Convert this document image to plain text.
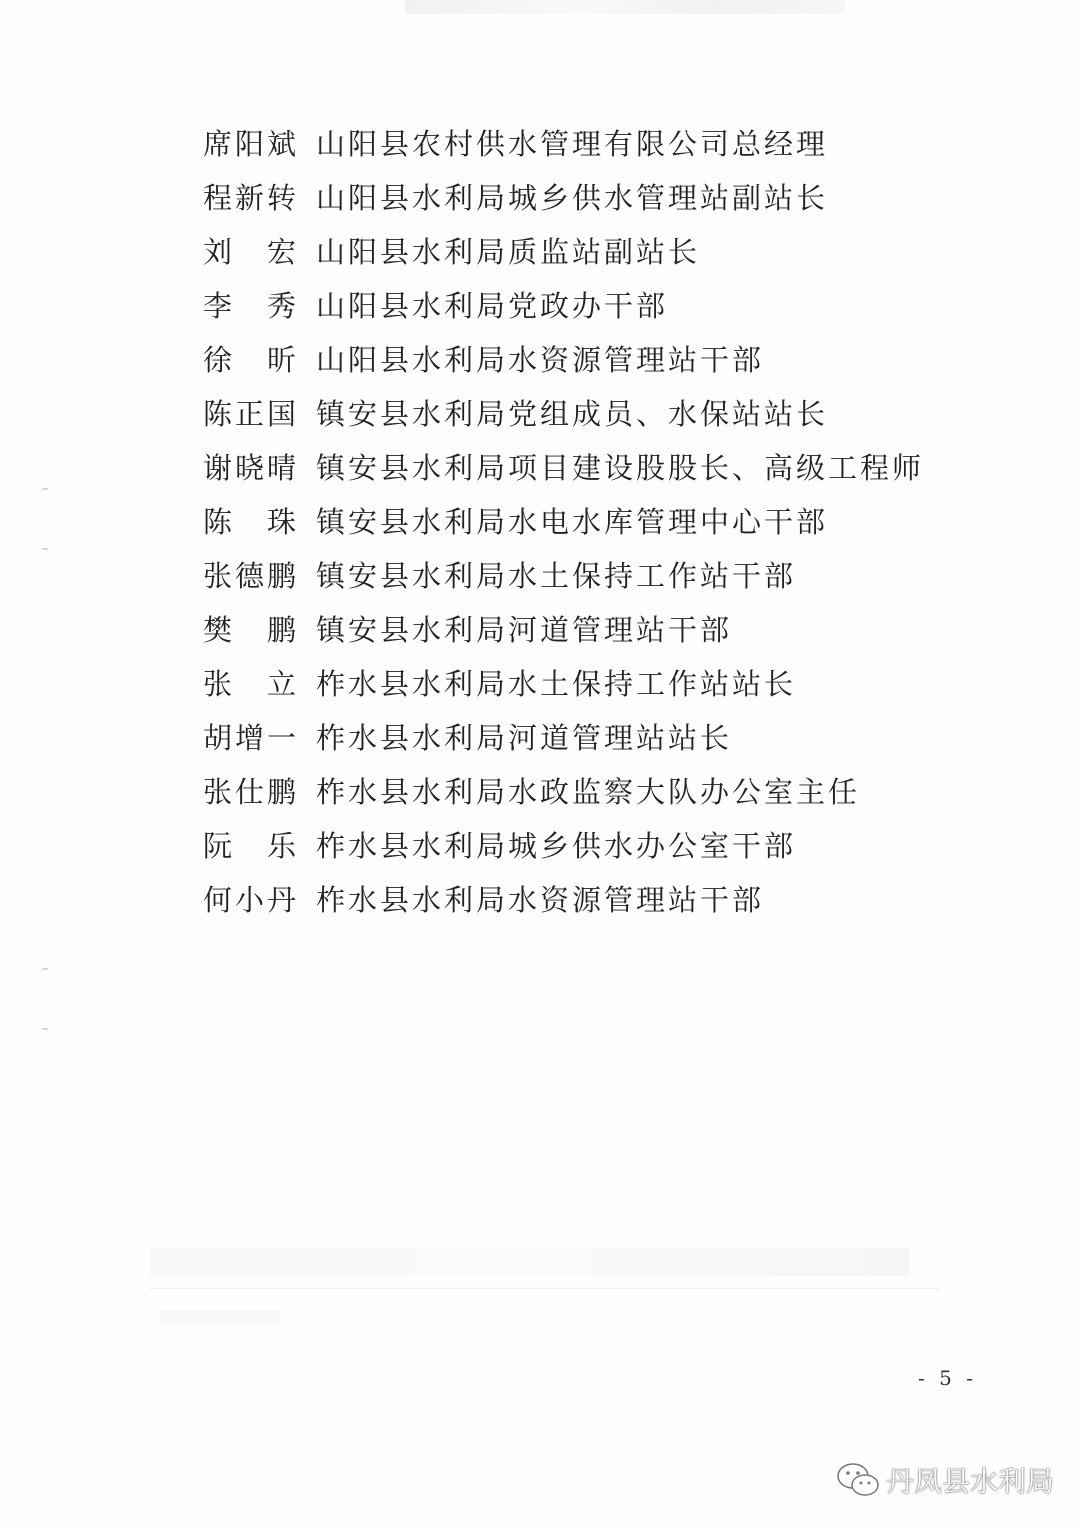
席阳斌 山阳县农村供水管理有限公司总经理
程新转 山阳县水利局城乡供水管理站副站长
刘　宏 山阳县水利局质监站副站长
李　秀 山阳县水利局党政办干部
徐　昕 山阳县水利局水资源管理站干部
陈正国 镇安县水利局党组成员、水保站站长
谢晓晴 镇安县水利局项目建设股股长、高级工程师
陈　珠 镇安县水利局水电水库管理中心干部
张德鹏 镇安县水利局水土保持工作站干部
樊　鹏 镇安县水利局河道管理站干部
张　立 柞水县水利局水土保持工作站站长
胡增一 柞水县水利局河道管理站站长
张仕鹏 柞水县水利局水政监察大队办公室主任
阮　乐 柞水县水利局城乡供水办公室干部
何小丹 柞水县水利局水资源管理站干部
- 5 -
丹凤县水利局
